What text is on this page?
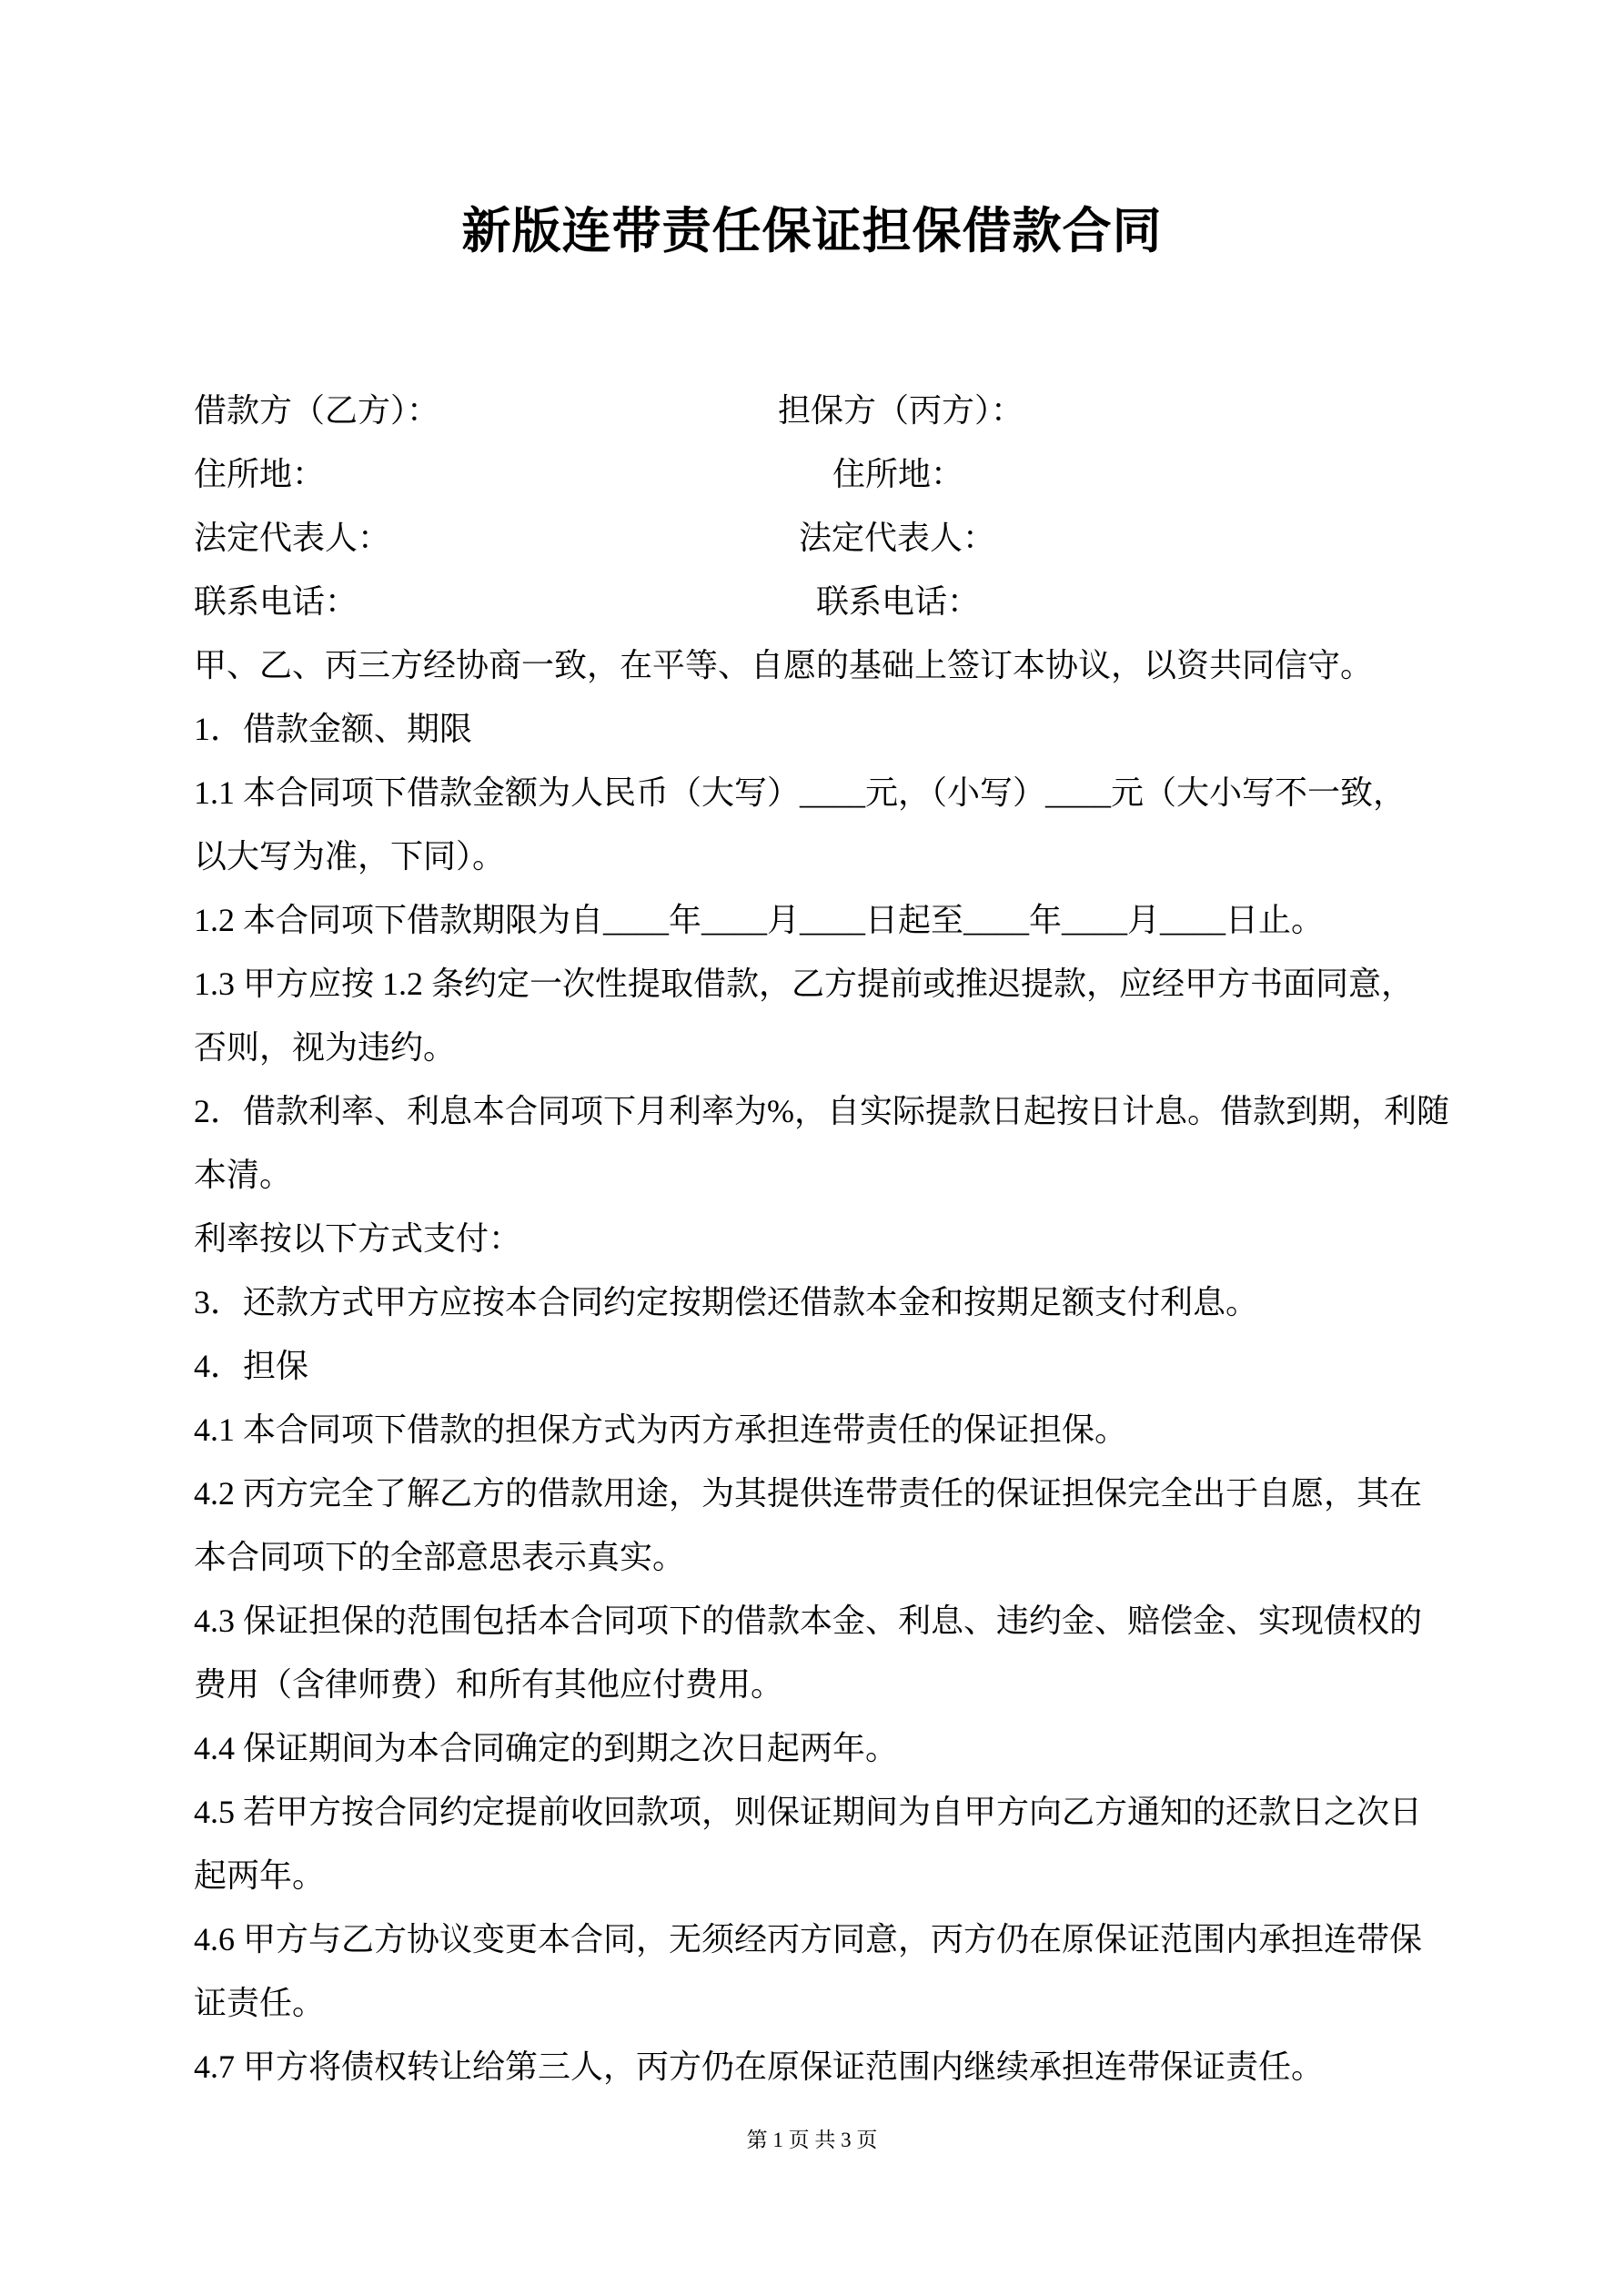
新版连带责任保证担保借款合同
借款方（乙方）：	担保方（丙方）：
住所地：	住所地：
法定代表人：	法定代表人：
联系电话：	联系电话：
甲、乙、丙三方经协商一致，在平等、自愿的基础上签订本协议，以资共同信守。
1．借款金额、期限
1.1 本合同项下借款金额为人民币（大写）____元，（小写）____元（大小写不一致，
以大写为准，下同）。
1.2 本合同项下借款期限为自____年____月____日起至____年____月____日止。
1.3 甲方应按 1.2 条约定一次性提取借款，乙方提前或推迟提款，应经甲方书面同意，
否则，视为违约。
2．借款利率、利息本合同项下月利率为%，自实际提款日起按日计息。借款到期，利随
本清。
利率按以下方式支付：
3．还款方式甲方应按本合同约定按期偿还借款本金和按期足额支付利息。
4．担保
4.1 本合同项下借款的担保方式为丙方承担连带责任的保证担保。
4.2 丙方完全了解乙方的借款用途，为其提供连带责任的保证担保完全出于自愿，其在
本合同项下的全部意思表示真实。
4.3 保证担保的范围包括本合同项下的借款本金、利息、违约金、赔偿金、实现债权的
费用（含律师费）和所有其他应付费用。
4.4 保证期间为本合同确定的到期之次日起两年。
4.5 若甲方按合同约定提前收回款项，则保证期间为自甲方向乙方通知的还款日之次日
起两年。
4.6 甲方与乙方协议变更本合同，无须经丙方同意，丙方仍在原保证范围内承担连带保
证责任。
4.7 甲方将债权转让给第三人，丙方仍在原保证范围内继续承担连带保证责任。
第 1 页 共 3 页
